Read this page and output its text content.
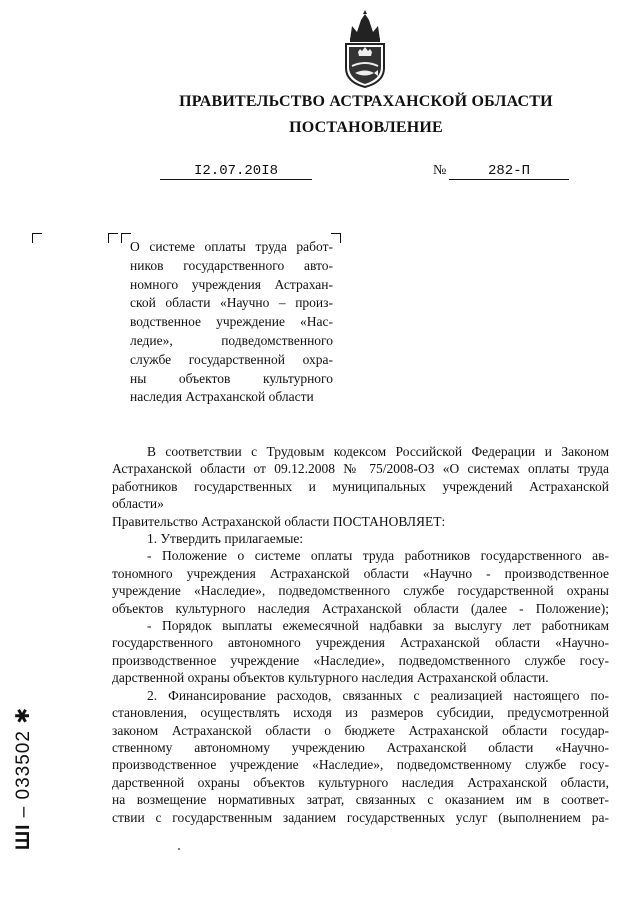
ПРАВИТЕЛЬСТВО АСТРАХАНСКОЙ ОБЛАСТИ
ПОСТАНОВЛЕНИЕ
I2.07.20I8	№	282-П
О системе оплаты труда работ-
ников государственного авто-
номного учреждения Астрахан-
ской области «Научно – произ-
водственное учреждение «Нас-
ледие», подведомственного
службе государственной охра-
ны объектов культурного
наследия Астраханской области
В соответствии с Трудовым кодексом Российской Федерации и Законом
Астраханской области от 09.12.2008 № 75/2008-ОЗ «О системах оплаты труда
работников государственных и муниципальных учреждений Астраханской
области»
Правительство Астраханской области ПОСТАНОВЛЯЕТ:
1. Утвердить прилагаемые:
- Положение о системе оплаты труда работников государственного ав-
тономного учреждения Астраханской области «Научно - производственное
учреждение «Наследие», подведомственного службе государственной охраны
объектов культурного наследия Астраханской области (далее - Положение);
- Порядок выплаты ежемесячной надбавки за выслугу лет работникам
государственного автономного учреждения Астраханской области «Научно-
производственное учреждение «Наследие», подведомственного службе госу-
дарственной охраны объектов культурного наследия Астраханской области.
2. Финансирование расходов, связанных с реализацией настоящего по-
становления, осуществлять исходя из размеров субсидии, предусмотренной
законом Астраханской области о бюджете Астраханской области государ-
ственному автономному учреждению Астраханской области «Научно-
производственное учреждение «Наследие», подведомственному службе госу-
дарственной охраны объектов культурного наследия Астраханской области,
на возмещение нормативных затрат, связанных с оказанием им в соответ-
ствии с государственным заданием государственных услуг (выполнением ра-
ШI – 033502 ✱
